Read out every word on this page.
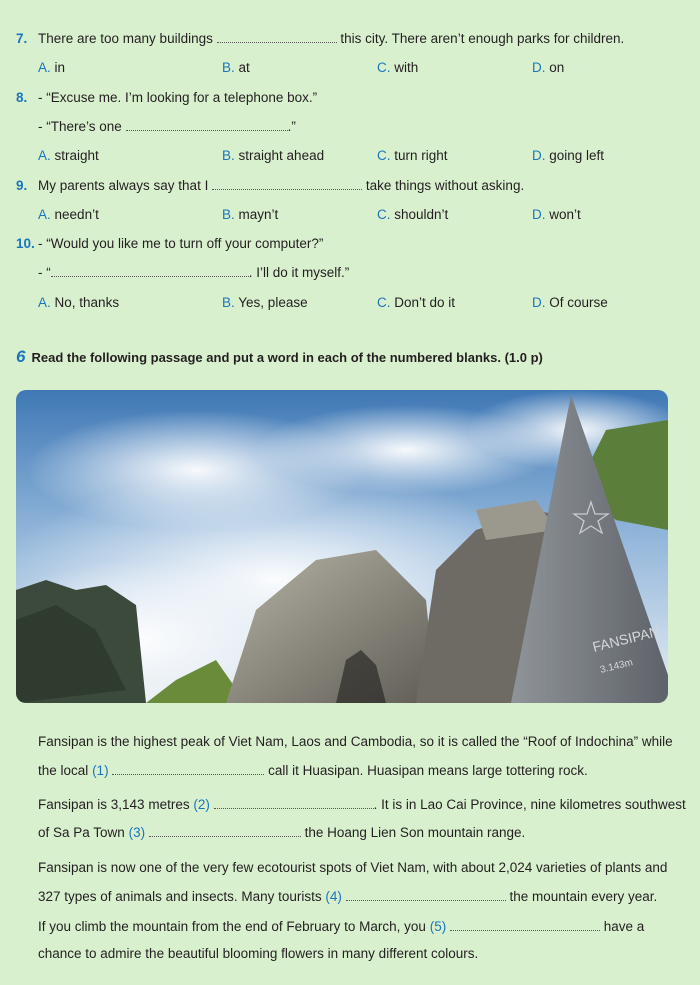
7. There are too many buildings	this city. There aren’t enough parks for children.
A. in	B. at	C. with	D. on
8. - “Excuse me. I’m looking for a telephone box.”
- “There’s one	.”
A. straight	B. straight ahead	C. turn right	D. going left
9. My parents always say that I	take things without asking.
A. needn’t	B. mayn’t	C. shouldn’t	D. won’t
10. - “Would you like me to turn off your computer?”
- “	. I’ll do it myself.”
A. No, thanks	B. Yes, please	C. Don’t do it	D. Of course
6 Read the following passage and put a word in each of the numbered blanks. (1.0 p)
FANSIPAN
3.143m
Fansipan is the highest peak of Viet Nam, Laos and Cambodia, so it is called the “Roof of Indochina” while
the local (1)	call it Huasipan. Huasipan means large tottering rock.
Fansipan is 3,143 metres (2)	. It is in Lao Cai Province, nine kilometres southwest
of Sa Pa Town (3)	the Hoang Lien Son mountain range.
Fansipan is now one of the very few ecotourist spots of Viet Nam, with about 2,024 varieties of plants and
327 types of animals and insects. Many tourists (4)	the mountain every year.
If you climb the mountain from the end of February to March, you (5)	have a
chance to admire the beautiful blooming flowers in many different colours.
